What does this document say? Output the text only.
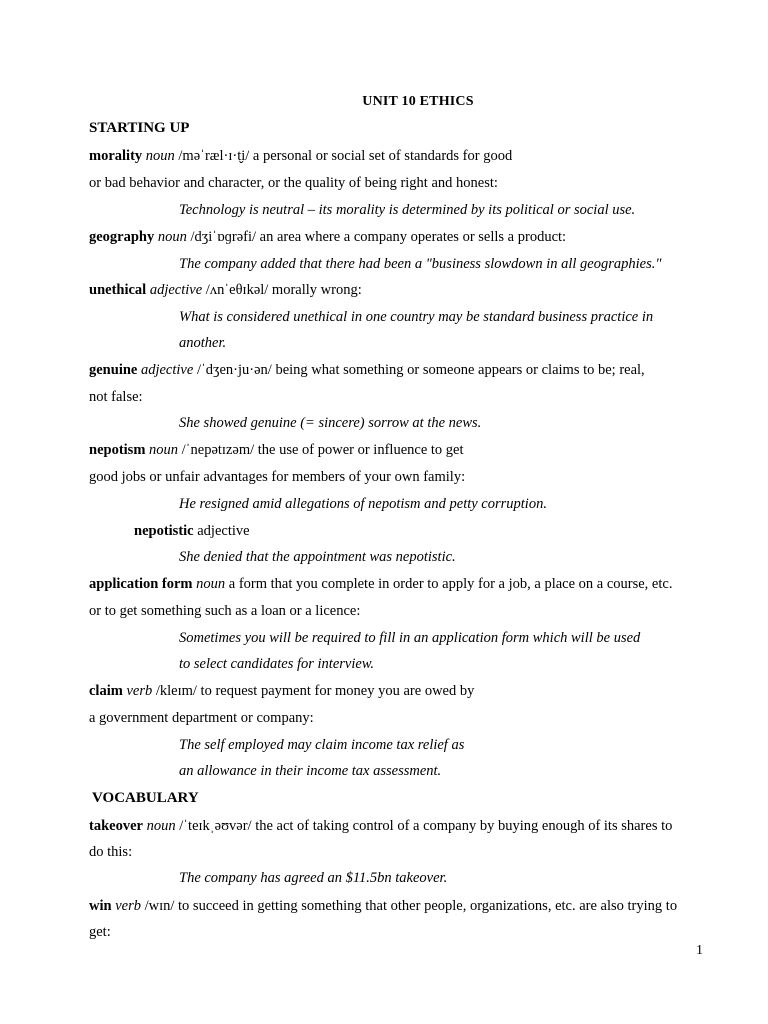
UNIT 10 ETHICS
STARTING UP
morality noun /məˈræl·ɪ·t̬i/ a personal or social set of standards for good
or bad behavior and character, or the quality of being right and honest:
Technology is neutral – its morality is determined by its political or social use.
geography noun /dʒiˈɒɡrəfi/ an area where a company operates or sells a product:
The company added that there had been a "business slowdown in all geographies."
unethical adjective /ʌnˈeθɪkəl/ morally wrong:
What is considered unethical in one country may be standard business practice in
another.
genuine adjective /ˈdʒen·ju·ən/ being what something or someone appears or claims to be; real,
not false:
She showed genuine (= sincere) sorrow at the news.
nepotism noun /ˈnepətɪzəm/ the use of power or influence to get
good jobs or unfair advantages for members of your own family:
He resigned amid allegations of nepotism and petty corruption.
nepotistic adjective
She denied that the appointment was nepotistic.
application form noun a form that you complete in order to apply for a job, a place on a course, etc.
or to get something such as a loan or a licence:
Sometimes you will be required to fill in an application form which will be used
to select candidates for interview.
claim verb /kleɪm/ to request payment for money you are owed by
a government department or company:
The self employed may claim income tax relief as
an allowance in their income tax assessment.
VOCABULARY
takeover noun /ˈteɪkˌəʊvər/ the act of taking control of a company by buying enough of its shares to
do this:
The company has agreed an $11.5bn takeover.
win verb /wɪn/ to succeed in getting something that other people, organizations, etc. are also trying to
get:
1
